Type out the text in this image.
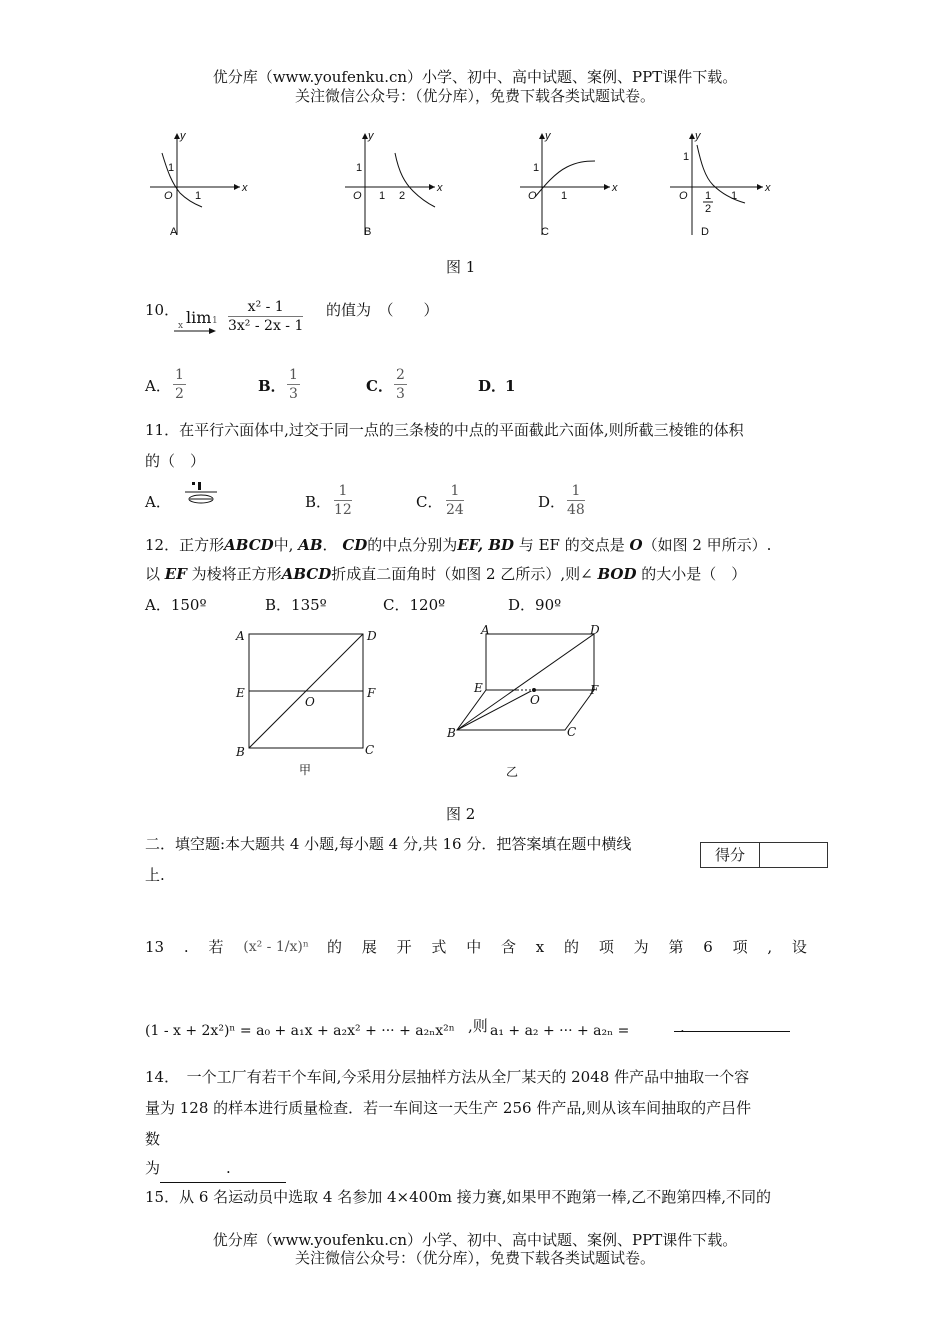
优分库（www.youfenku.cn）小学、初中、高中试题、案例、PPT课件下载。
关注微信公众号：（优分库），免费下载各类试题试卷。
x
y
O 1
1
x
y
O 1 2
1
x
y
O 1
1
x
y
O 1
2
1
1
A	B	C	D
图 1
10． lim 1
x
x² - 1
3x² - 2x - 1
的值为　（　　）
A．
1
2	B．
1
3	C．
2
3	D．
1
11．在平行六面体中,过交于同一点的三条棱的中点的平面截此六面体,则所截三棱锥的体积
的（　）
A．	B．
1
12	C．
1
24	D．
1
48
12．正方形ABCD中, AB． CD的中点分别为EF, BD 与 EF 的交点是 O（如图 2 甲所示）.
以 EF 为棱将正方形ABCD折成直二面角时（如图 2 乙所示）,则∠ BOD 的大小是（　）
A．150º	B．135º	C．120º	D．90º
A	D
E	F
O
B	C
A	D
E
O
F
B	C
甲	乙
图 2
二．填空题:本大题共 4 小题,每小题 4 分,共 16 分．把答案填在题中横线
上.
得分
13 . 若 (x² - 1/x)ⁿ 的 展 开 式 中 含 x 的 项 为 第 6 项 , 设
(1 - x + 2x²)ⁿ = a₀ + a₁x + a₂x² + ··· + a₂ₙx²ⁿ ,则 a₁ + a₂ + ··· + a₂ₙ =	.
14．　一个工厂有若干个车间,今采用分层抽样方法从全厂某天的 2048 件产品中抽取一个容
量为 128 的样本进行质量检查．若一车间这一天生产 256 件产品,则从该车间抽取的产吕件
数
为	.
15．从 6 名运动员中选取 4 名参加 4×400m 接力赛,如果甲不跑第一棒,乙不跑第四棒,不同的
优分库（www.youfenku.cn）小学、初中、高中试题、案例、PPT课件下载。
关注微信公众号：（优分库），免费下载各类试题试卷。
